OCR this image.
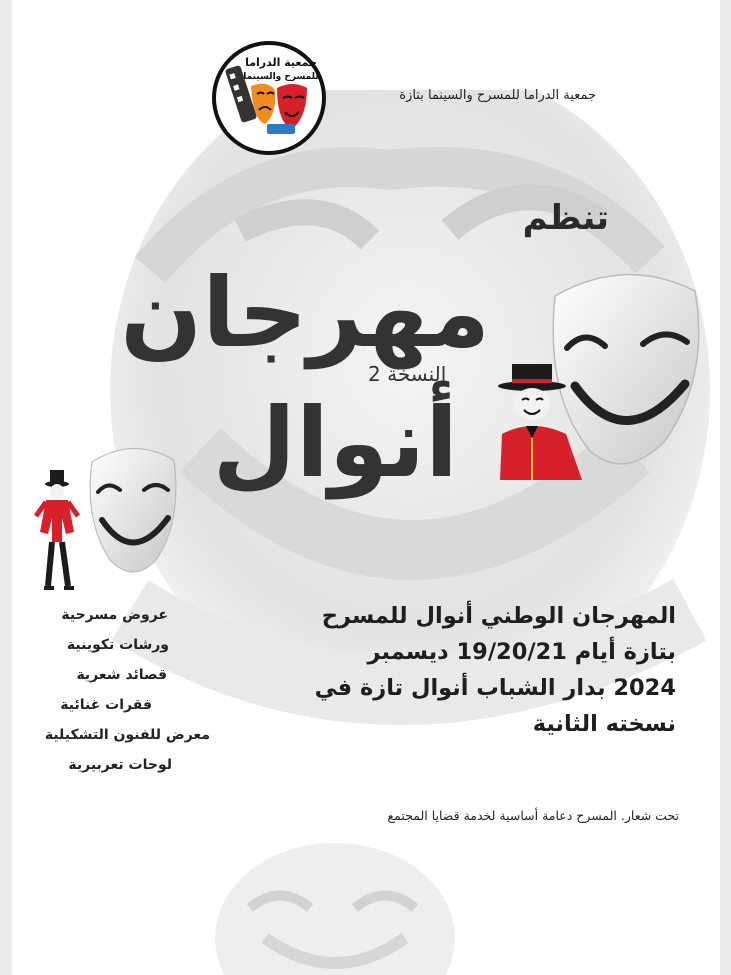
جمعية الدراما
للمسرح والسينما
جمعية الدراما للمسرح والسينما بتازة
تنظم
مهرجان
النسخة 2
أنوال
عروض مسرحية
ورشات تكوينية
قصائد شعرية
فقرات غنائية
معرض للفنون التشكيلية
لوحات تعربيرية

المهرجان الوطني أنوال للمسرح
بتازة أيام 19/20/21 ديسمبر
2024 بدار الشباب أنوال تازة في
نسخته الثانية

تحت شعار. المسرح دعامة أساسية لخدمة قضايا المجتمع
